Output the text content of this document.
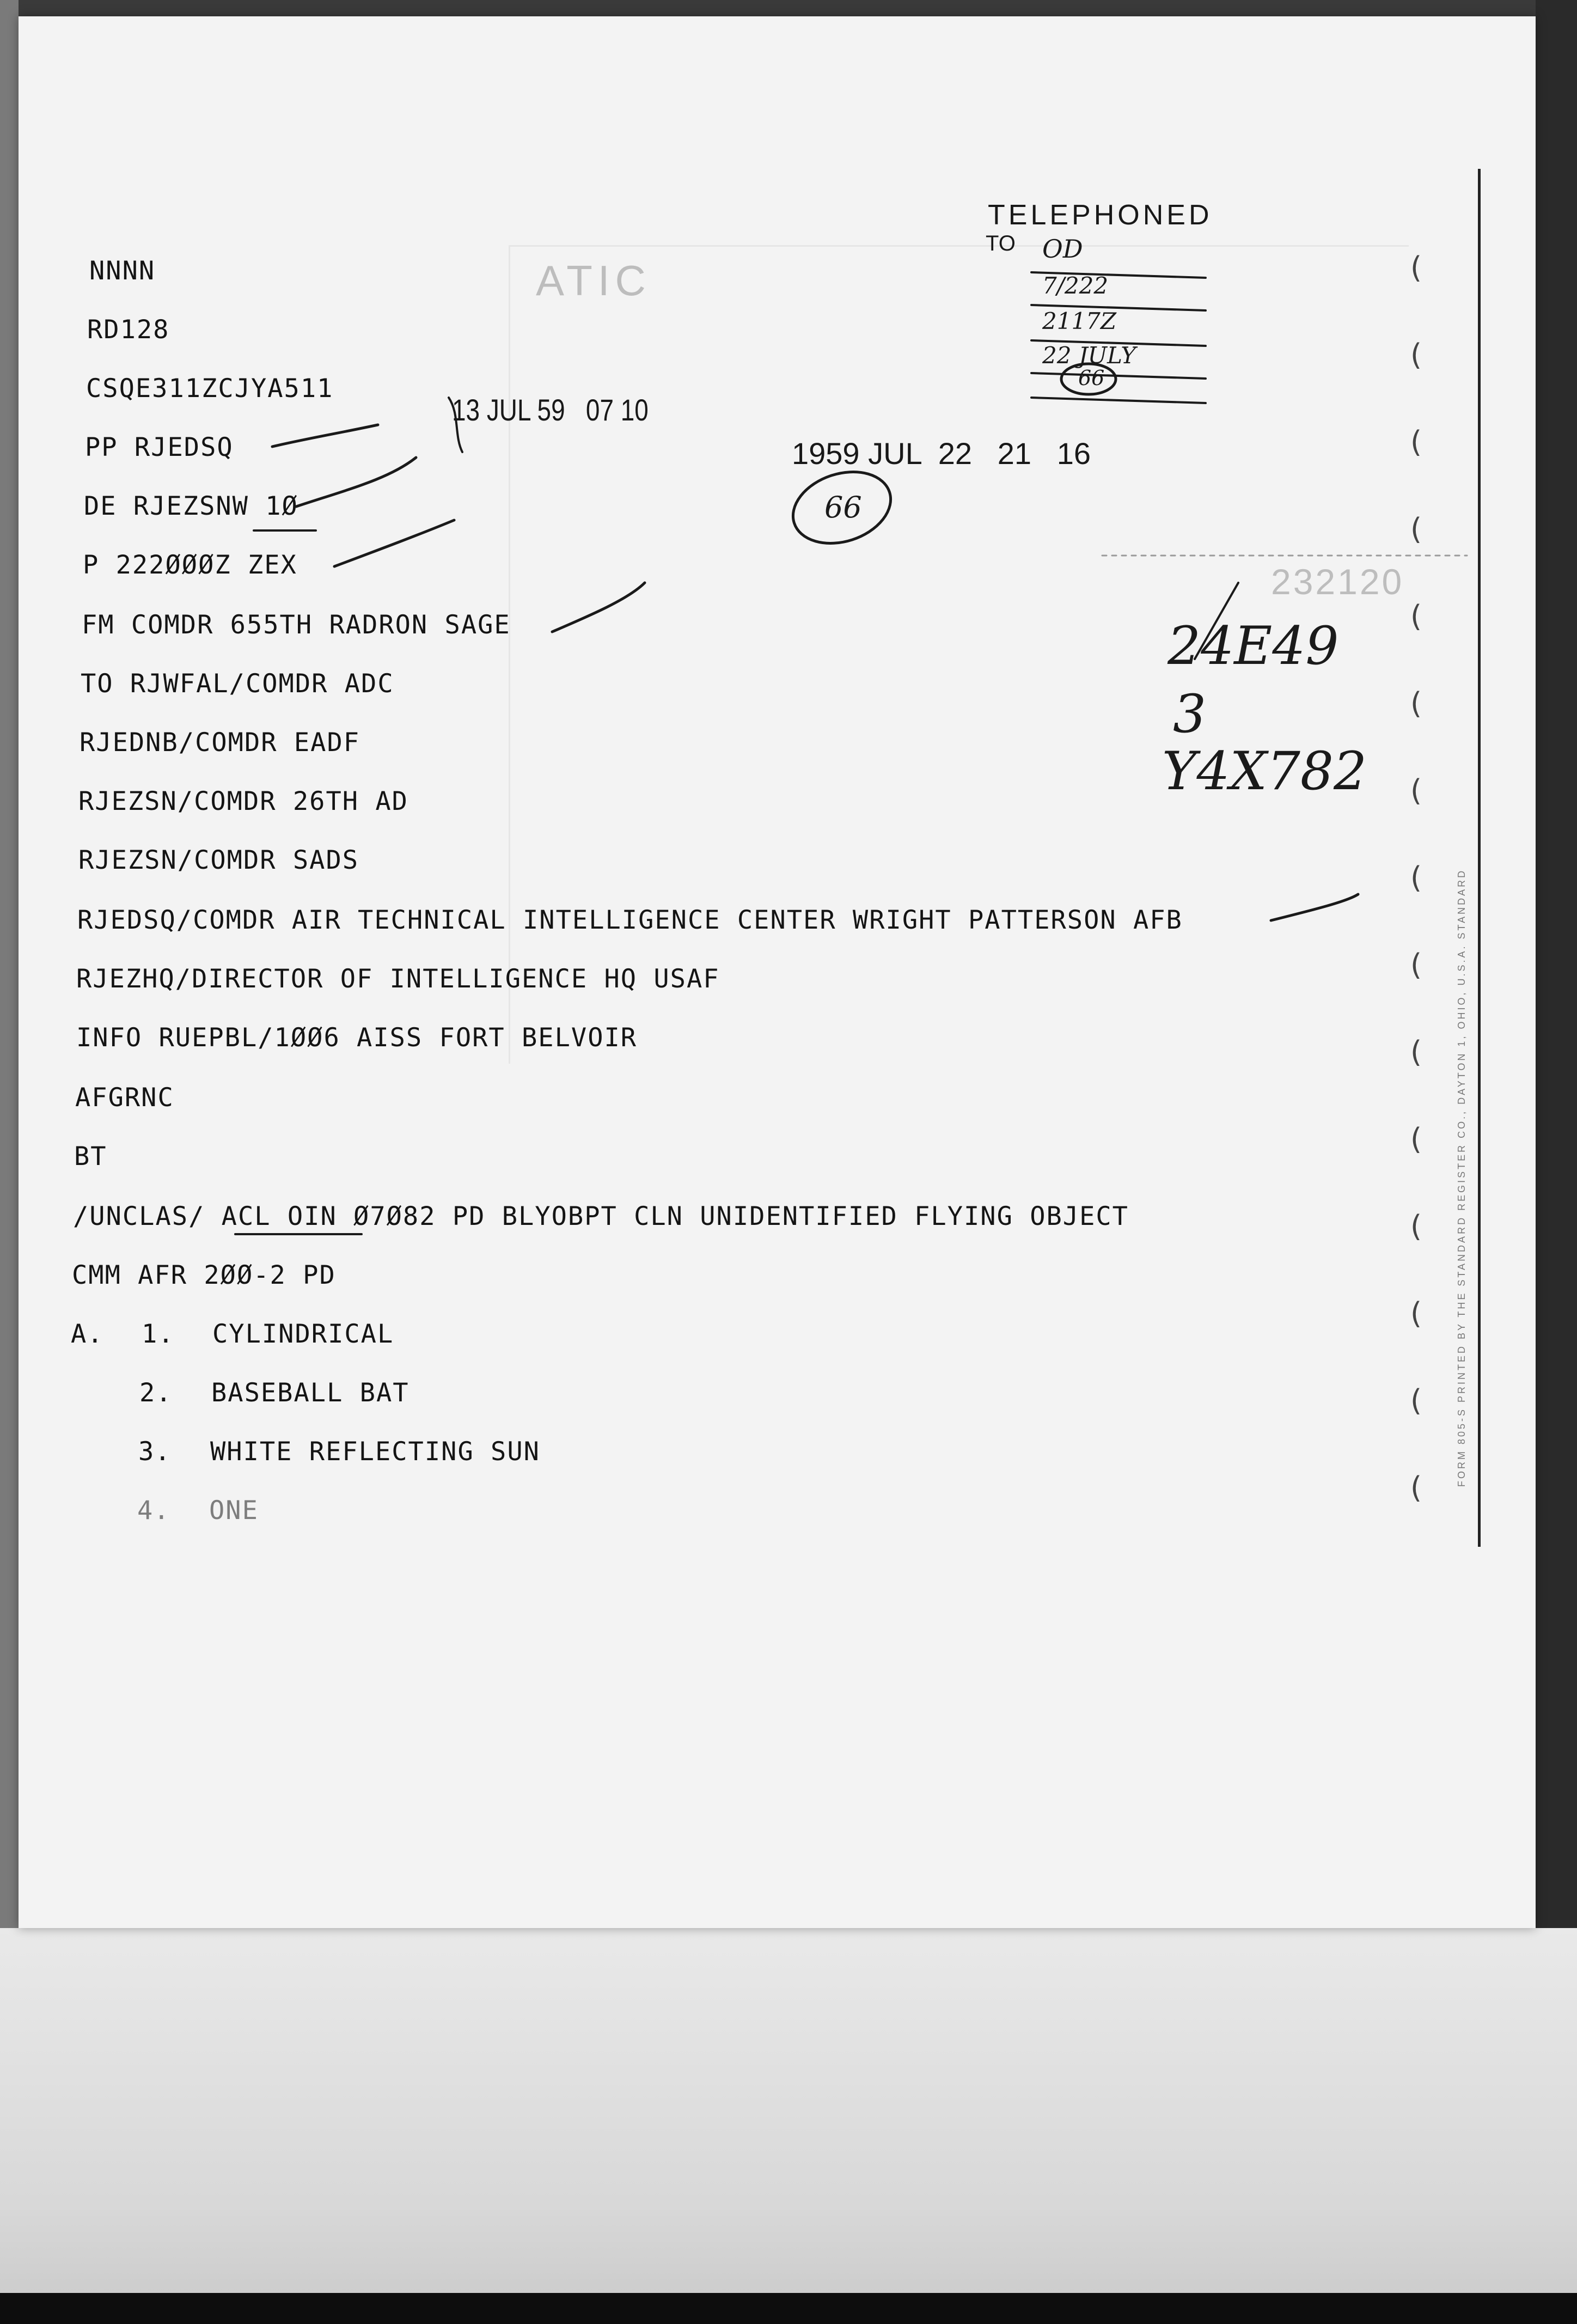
FORM 805-S PRINTED BY THE STANDARD REGISTER CO., DAYTON 1, OHIO, U.S.A. STANDARD
NNNN
RD128
CSQE311ZCJYA511
PP RJEDSQ
DE RJEZSNW 1Ø
P 222ØØØZ ZEX
FM COMDR 655TH RADRON SAGE
TO RJWFAL/COMDR ADC
RJEDNB/COMDR EADF
RJEZSN/COMDR 26TH AD
RJEZSN/COMDR SADS
RJEDSQ/COMDR AIR TECHNICAL INTELLIGENCE CENTER WRIGHT PATTERSON AFB
RJEZHQ/DIRECTOR OF INTELLIGENCE HQ USAF
INFO RUEPBL/1ØØ6 AISS FORT BELVOIR
AFGRNC
BT
/UNCLAS/ ACL OIN Ø7Ø82 PD BLYOBPT CLN UNIDENTIFIED FLYING OBJECT
CMM AFR 2ØØ-2 PD
A. 1. CYLINDRICAL
2. BASEBALL BAT
3. WHITE REFLECTING SUN
4. ONE
ATIC
13 JUL 59   07 10
1959 JUL  22   21   16
TELEPHONED
TO
232120
66
OD
7/222
2117Z
22 JULY
66
24E49
3
Y4X782
(
(
(
(
(
(
(
(
(
(
(
(
(
(
(
